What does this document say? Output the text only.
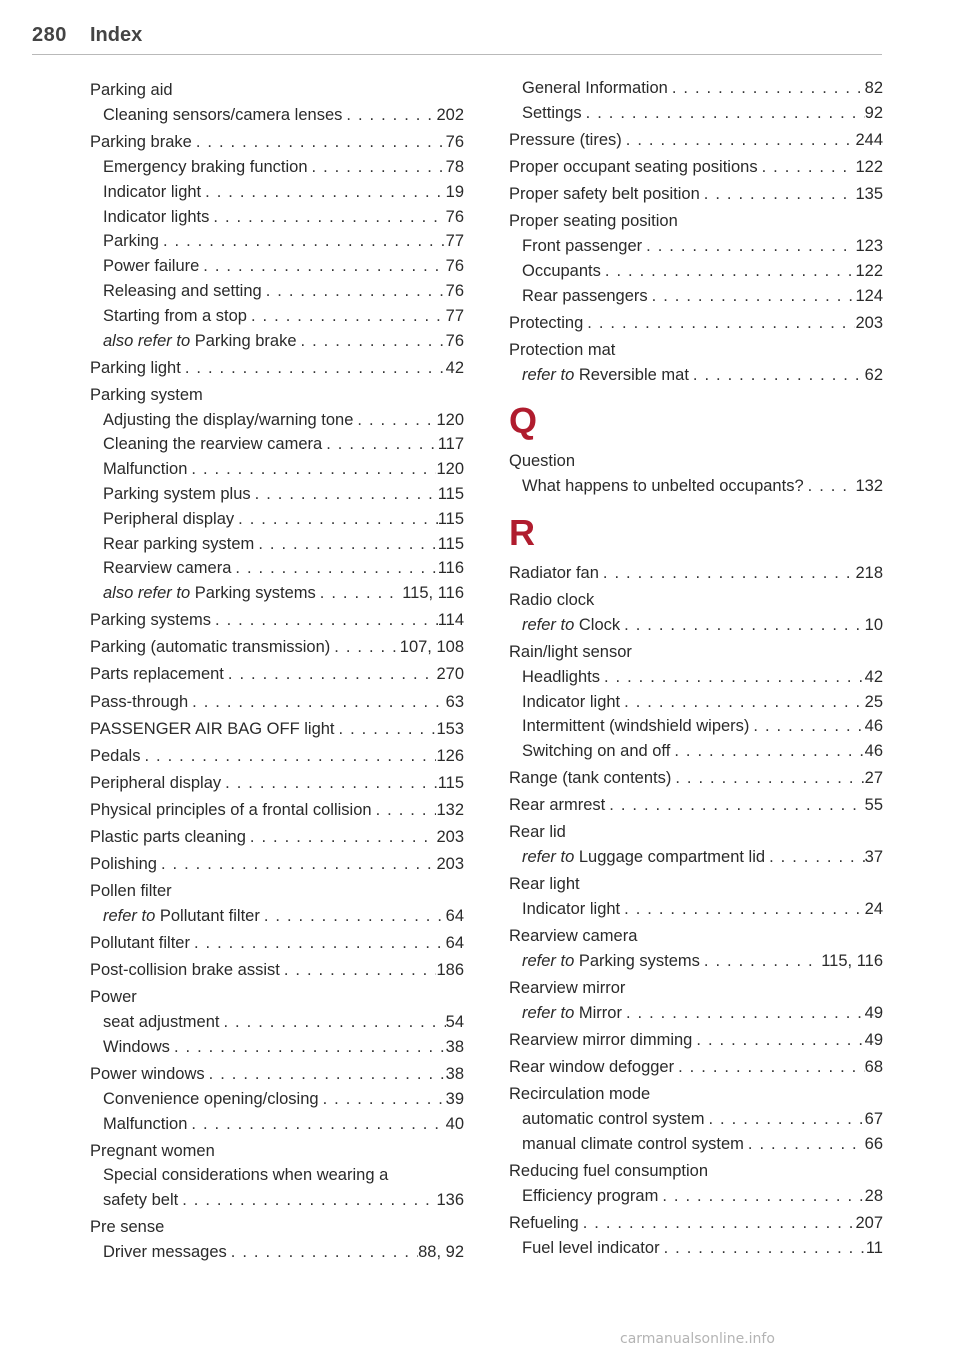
280 Index
Parking aid
Cleaning sensors/camera lenses . . .	202
Parking brake . . .	76
Emergency braking function . . .	78
Indicator light . . .	19
Indicator lights . . .	76
Parking . . .	77
Power failure . . .	76
Releasing and setting . . .	76
Starting from a stop . . .	77
also refer to Parking brake . . .	76
Parking light . . .	42
Parking system
Adjusting the display/warning tone . . .	120
Cleaning the rearview camera . . .	117
Malfunction . . .	120
Parking system plus . . .	115
Peripheral display . . .	115
Rear parking system . . .	115
Rearview camera . . .	116
also refer to Parking systems . . .	115, 116
Parking systems . . .	114
Parking (automatic transmission) . . .	107, 108
Parts replacement . . .	270
Pass-through . . .	63
PASSENGER AIR BAG OFF light . . .	153
Pedals . . .	126
Peripheral display . . .	115
Physical principles of a frontal collision . . .	132
Plastic parts cleaning . . .	203
Polishing . . .	203
Pollen filter
refer to Pollutant filter . . .	64
Pollutant filter . . .	64
Post-collision brake assist . . .	186
Power
seat adjustment . . .	54
Windows . . .	38
Power windows . . .	38
Convenience opening/closing . . .	39
Malfunction . . .	40
Pregnant women
Special considerations when wearing a
safety belt . . .	136
Pre sense
Driver messages . . .	88, 92
General Information . . .	82
Settings . . .	92
Pressure (tires) . . .	244
Proper occupant seating positions . . .	122
Proper safety belt position . . .	135
Proper seating position
Front passenger . . .	123
Occupants . . .	122
Rear passengers . . .	124
Protecting . . .	203
Protection mat
refer to Reversible mat . . .	62
Q
Question
What happens to unbelted occupants? . . .	132
R
Radiator fan . . .	218
Radio clock
refer to Clock . . .	10
Rain/light sensor
Headlights . . .	42
Indicator light . . .	25
Intermittent (windshield wipers) . . .	46
Switching on and off . . .	46
Range (tank contents) . . .	27
Rear armrest . . .	55
Rear lid
refer to Luggage compartment lid . . .	37
Rear light
Indicator light . . .	24
Rearview camera
refer to Parking systems . . .	115, 116
Rearview mirror
refer to Mirror . . .	49
Rearview mirror dimming . . .	49
Rear window defogger . . .	68
Recirculation mode
automatic control system . . .	67
manual climate control system . . .	66
Reducing fuel consumption
Efficiency program . . .	28
Refueling . . .	207
Fuel level indicator . . .	11
carmanualsonline.info
